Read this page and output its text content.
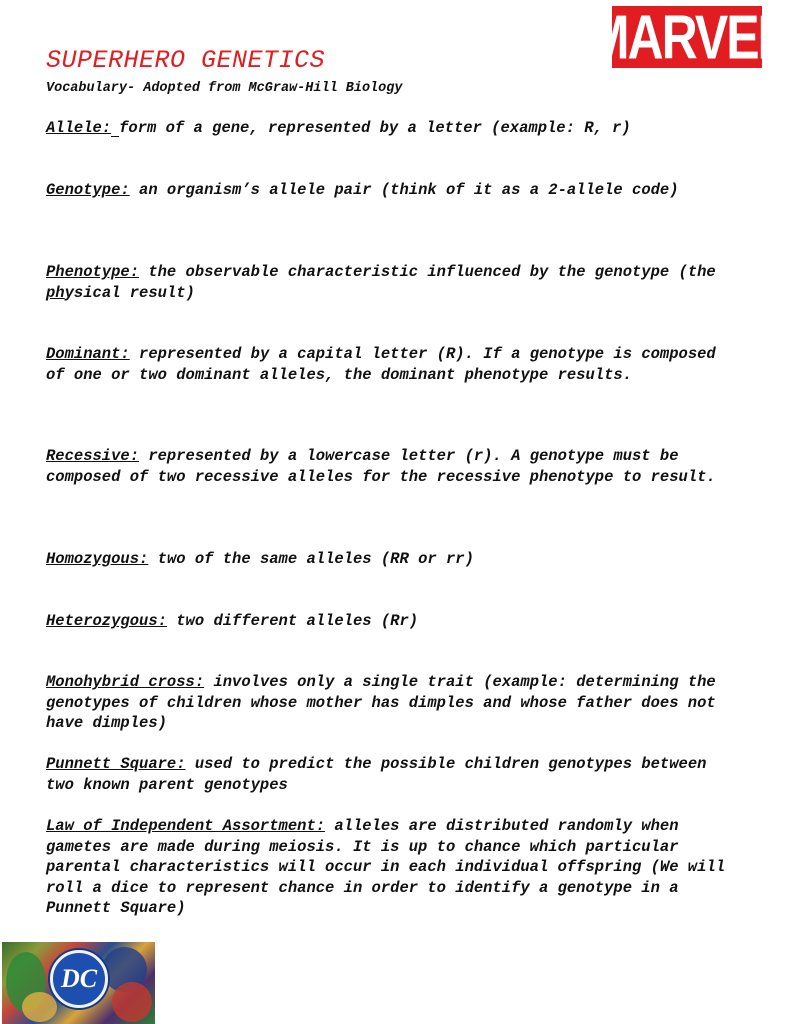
MARVEL
SUPERHERO GENETICS
Vocabulary- Adopted from McGraw-Hill Biology
Allele: form of a gene, represented by a letter (example: R, r)
Genotype: an organism’s allele pair (think of it as a 2-allele code)
Phenotype: the observable characteristic influenced by the genotype (the physical result)
Dominant: represented by a capital letter (R). If a genotype is composed of one or two dominant alleles, the dominant phenotype results.
Recessive: represented by a lowercase letter (r). A genotype must be composed of two recessive alleles for the recessive phenotype to result.
Homozygous: two of the same alleles (RR or rr)
Heterozygous: two different alleles (Rr)
Monohybrid cross: involves only a single trait (example: determining the genotypes of children whose mother has dimples and whose father does not have dimples)
Punnett Square: used to predict the possible children genotypes between two known parent genotypes
Law of Independent Assortment: alleles are distributed randomly when gametes are made during meiosis. It is up to chance which particular parental characteristics will occur in each individual offspring (We will roll a dice to represent chance in order to identify a genotype in a Punnett Square)
DC
